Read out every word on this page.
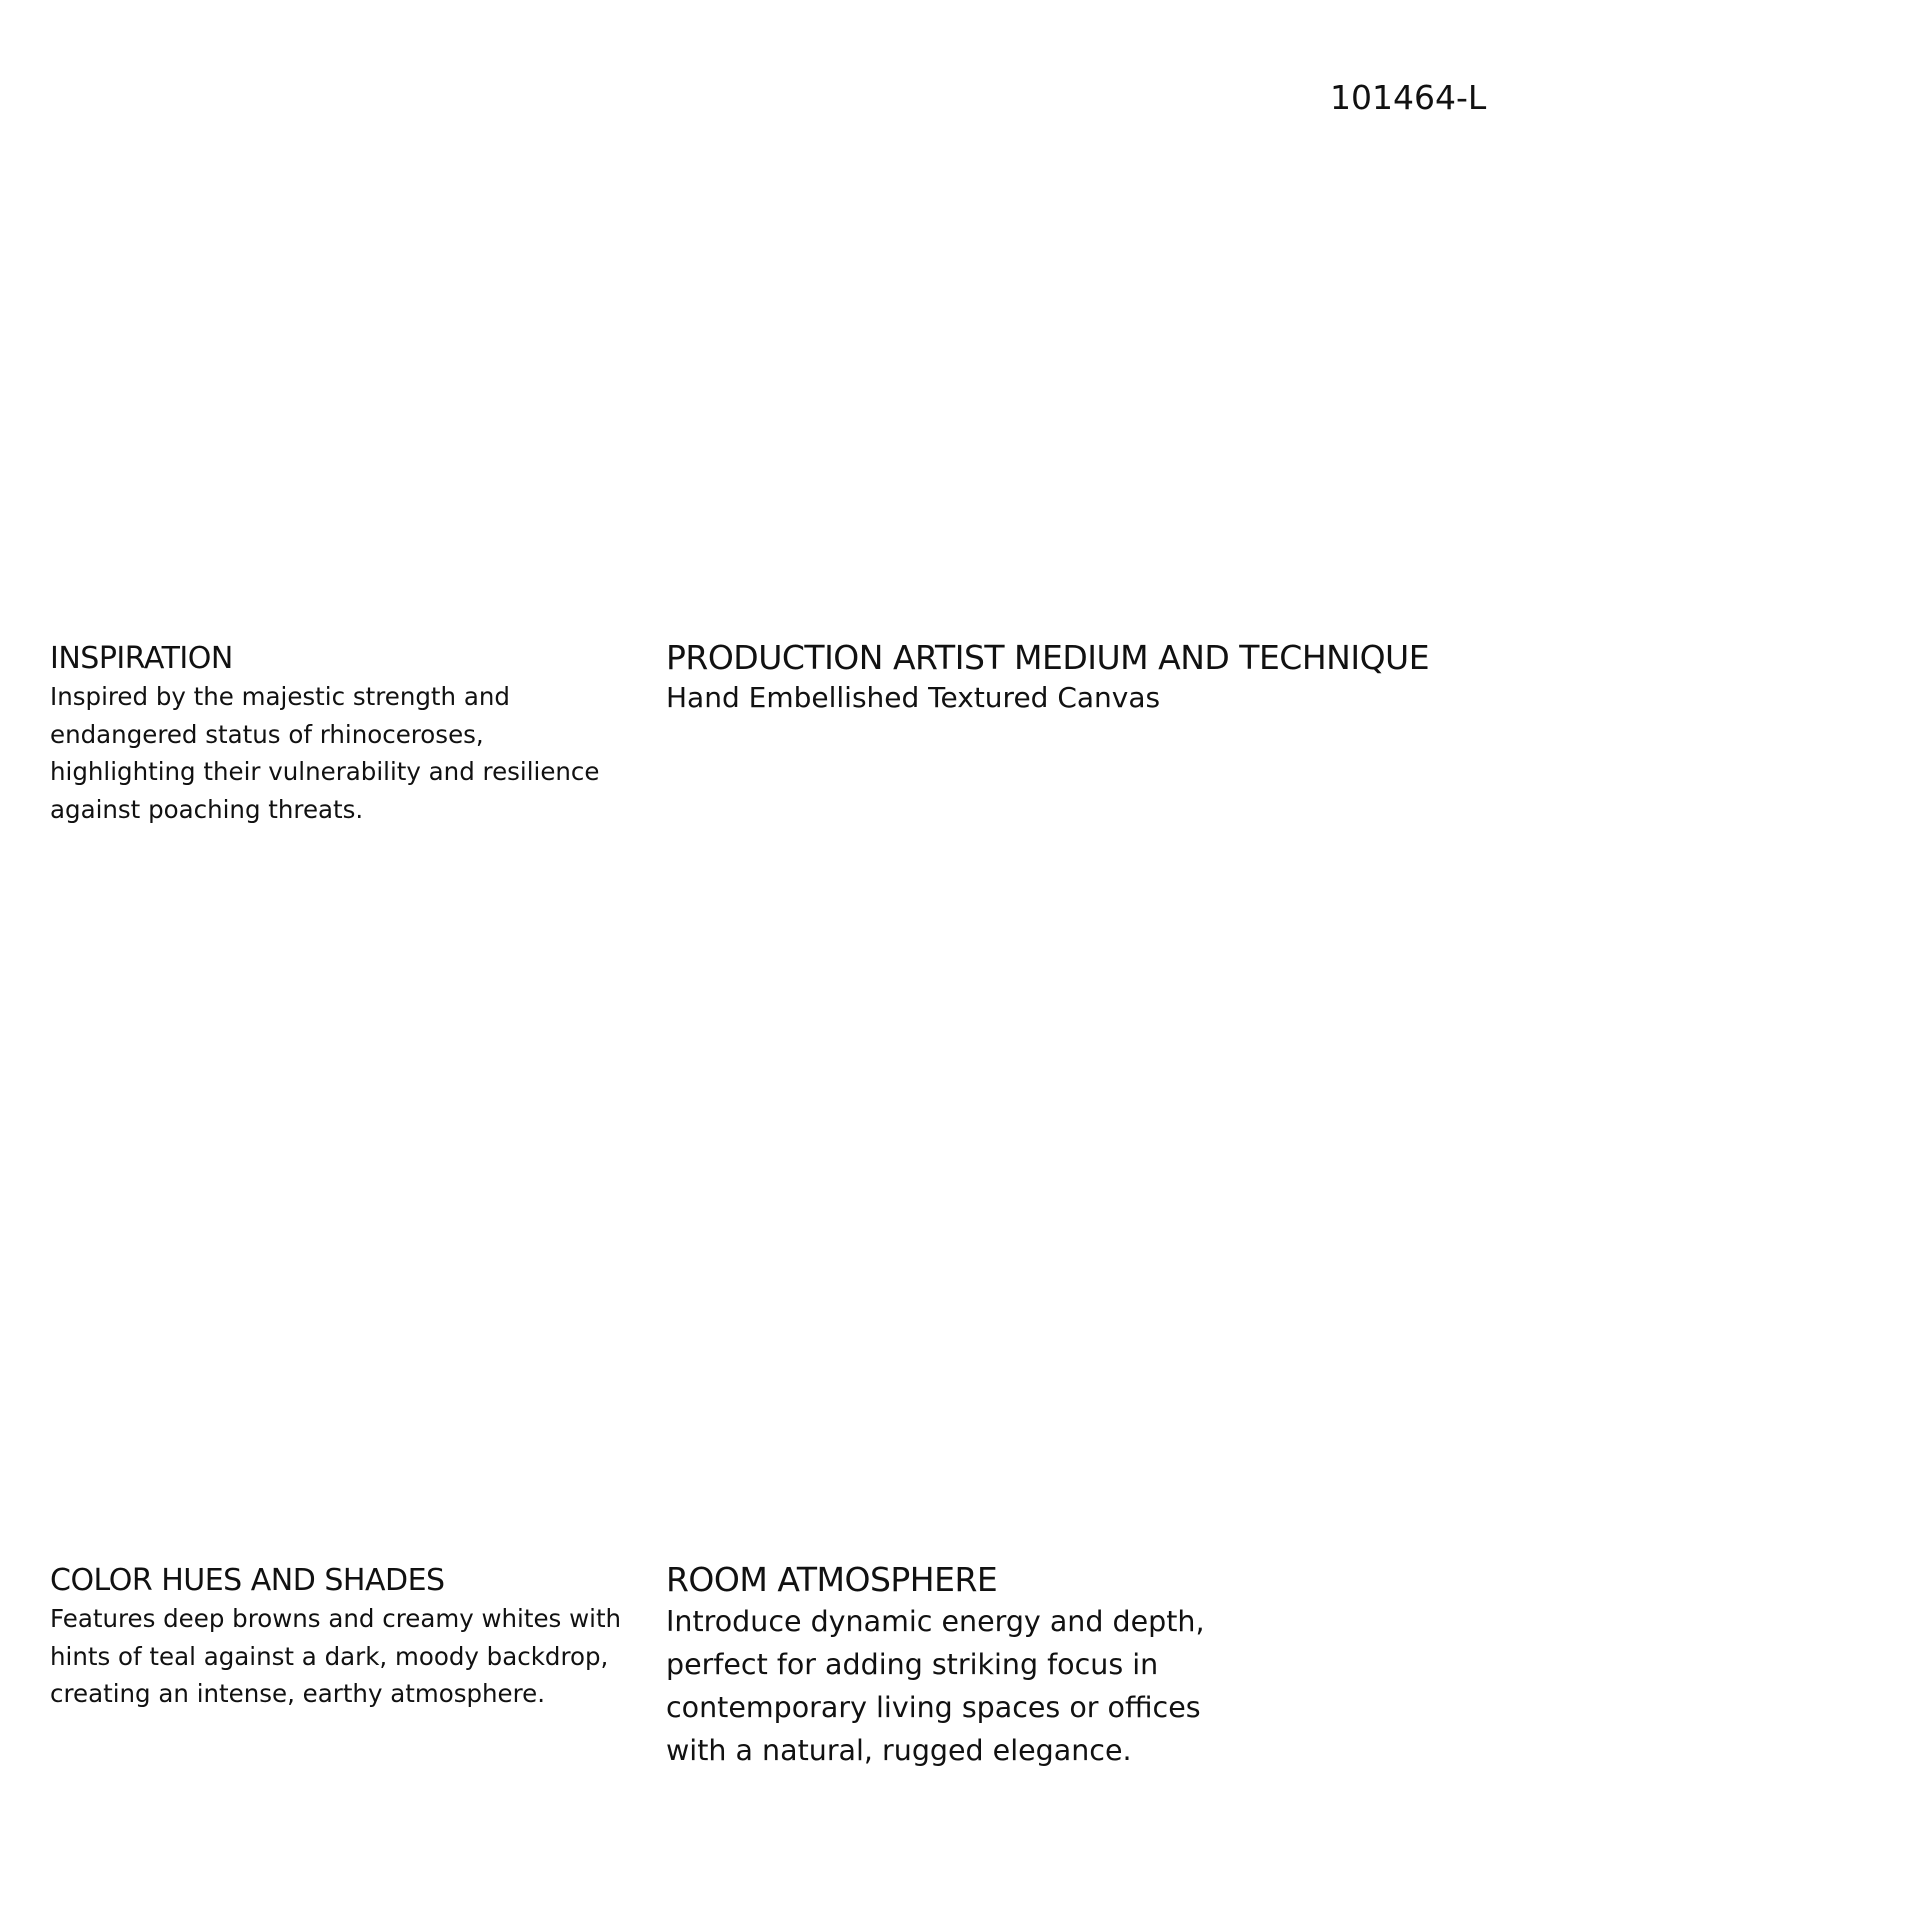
101464-L
INSPIRATION

Inspired by the majestic strength and endangered status of rhinoceroses, highlighting their vulnerability and resilience against poaching threats.

PRODUCTION ARTIST MEDIUM AND TECHNIQUE

Hand Embellished Textured Canvas

COLOR HUES AND SHADES

Features deep browns and creamy whites with hints of teal against a dark, moody backdrop, creating an intense, earthy atmosphere.

ROOM ATMOSPHERE

Introduce dynamic energy and depth, perfect for adding striking focus in contemporary living spaces or offices with a natural, rugged elegance.
